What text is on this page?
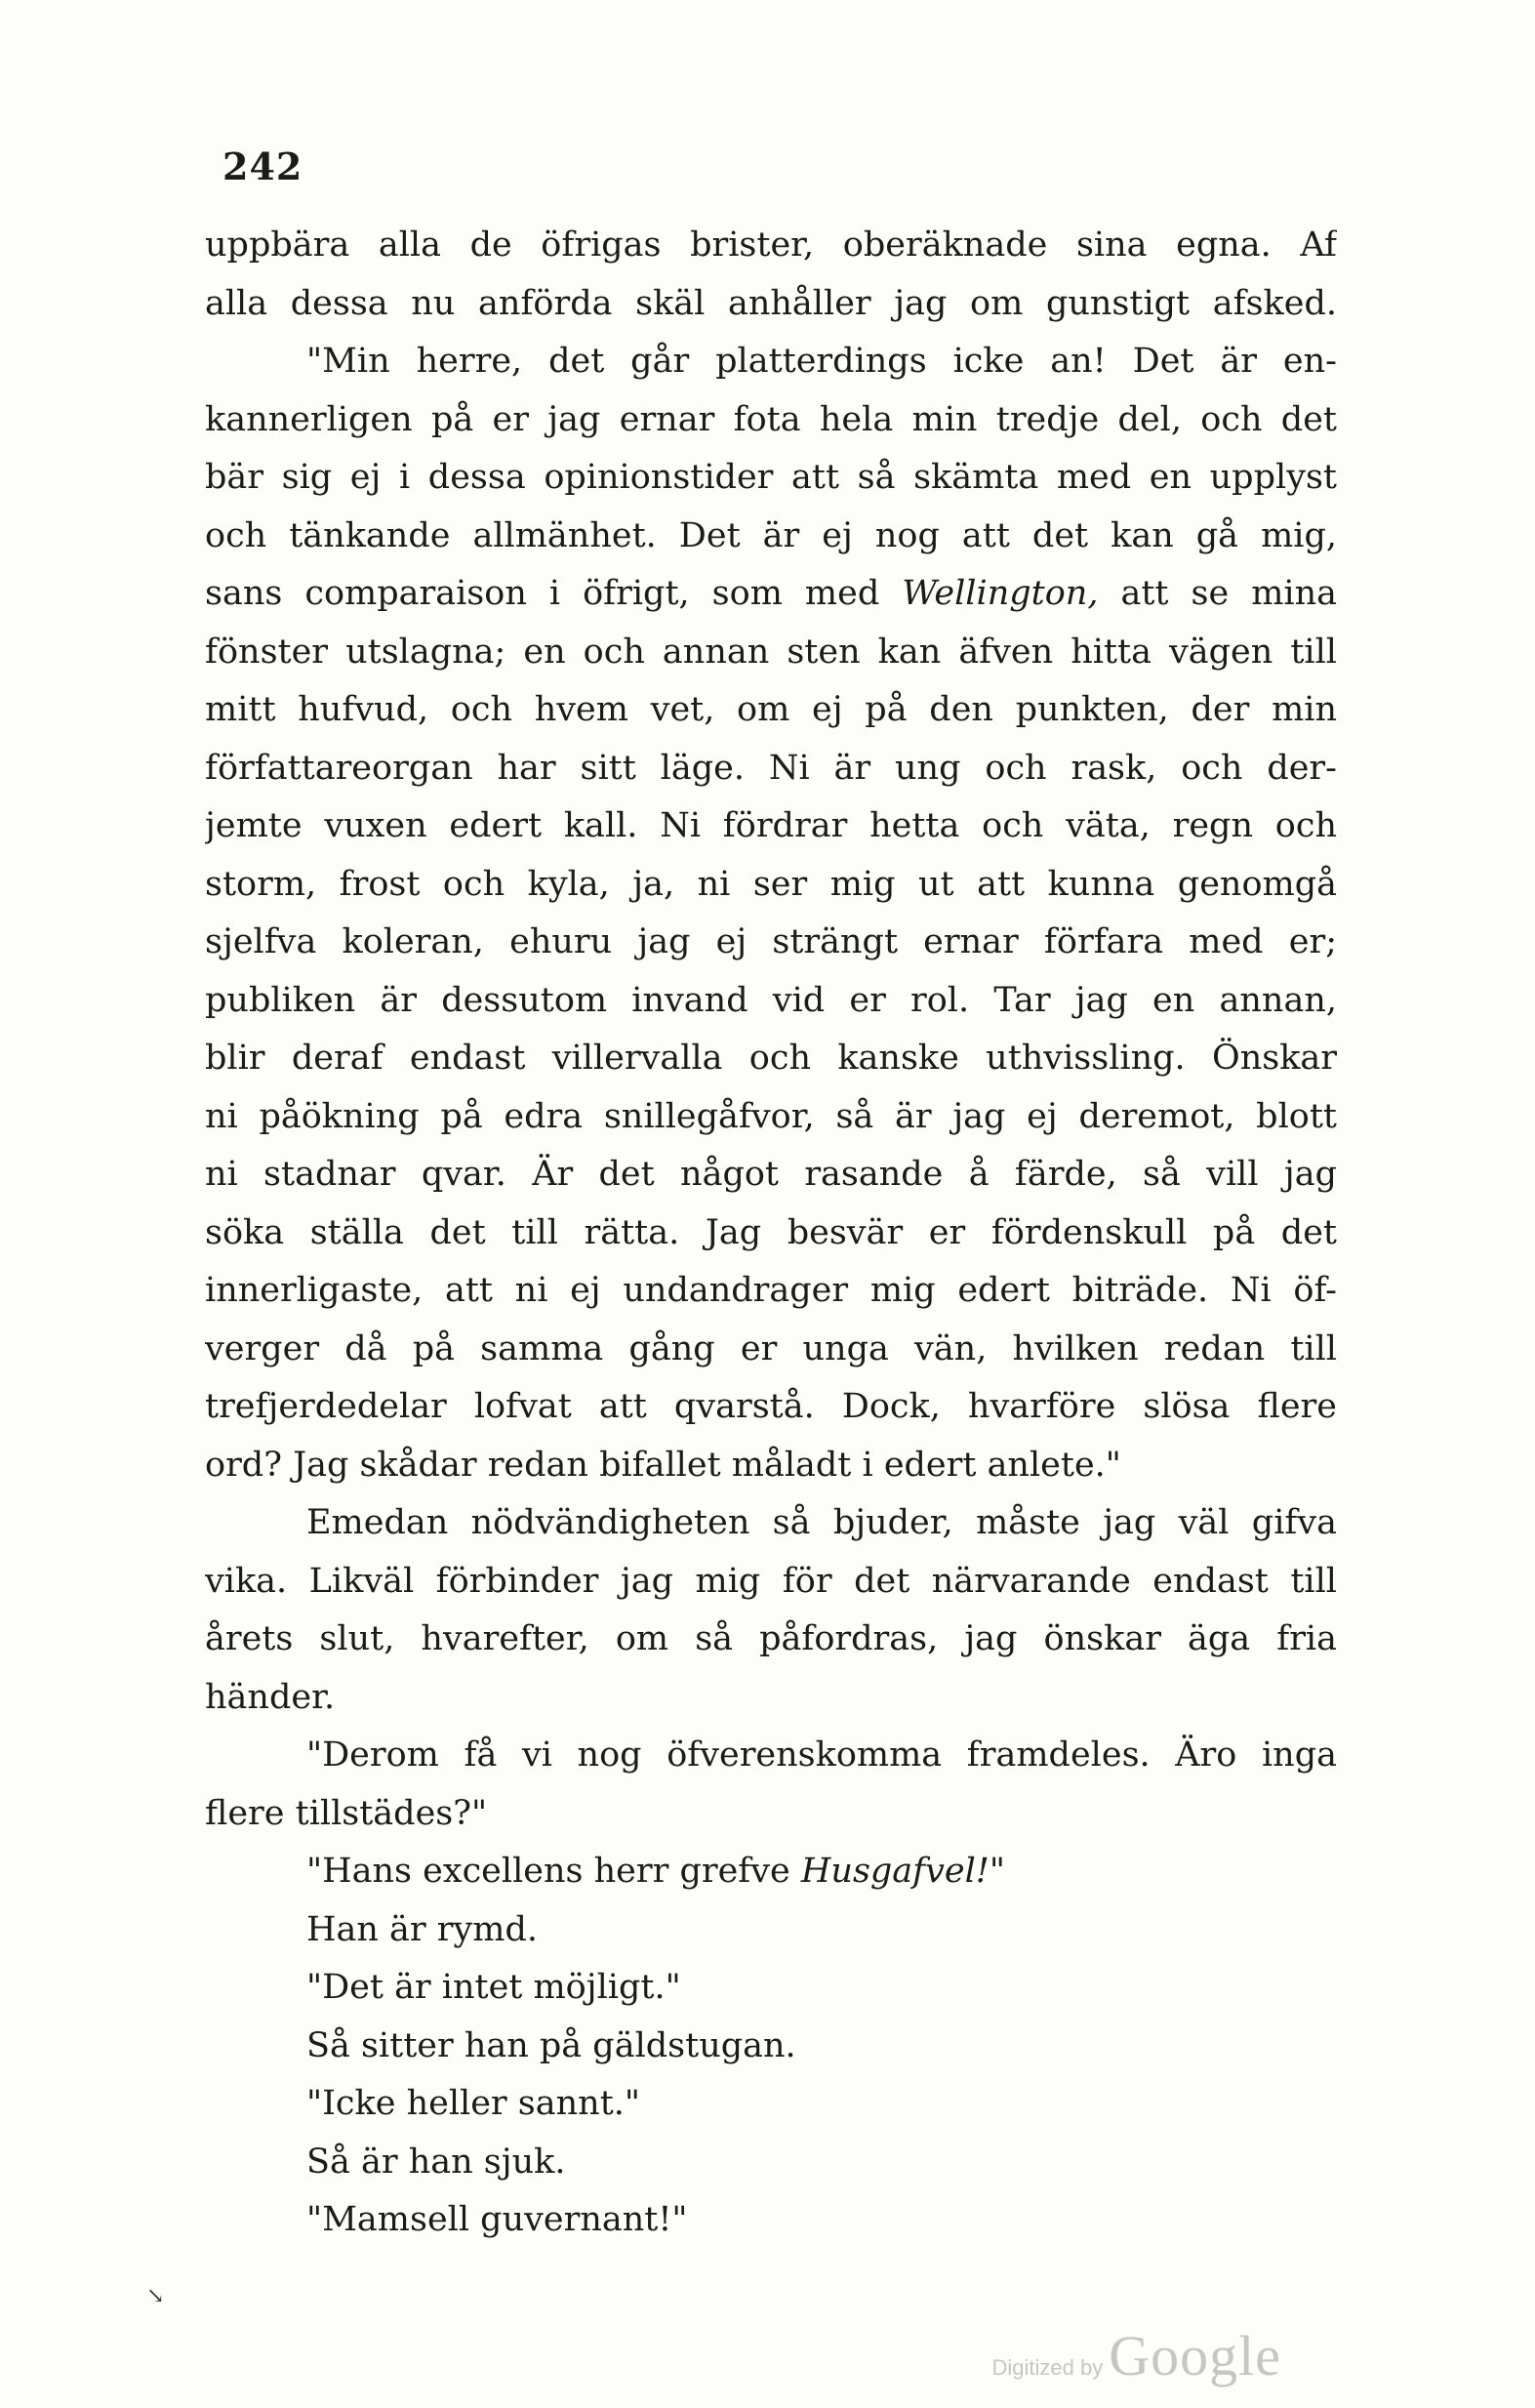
242
uppbära alla de öfrigas brister, oberäknade sina egna. Af
alla dessa nu anförda skäl anhåller jag om gunstigt afsked.
"Min herre, det går platterdings icke an! Det är en-
kannerligen på er jag ernar fota hela min tredje del, och det
bär sig ej i dessa opinionstider att så skämta med en upplyst
och tänkande allmänhet. Det är ej nog att det kan gå mig,
sans comparaison i öfrigt, som med Wellington, att se mina
fönster utslagna; en och annan sten kan äfven hitta vägen till
mitt hufvud, och hvem vet, om ej på den punkten, der min
författareorgan har sitt läge. Ni är ung och rask, och der-
jemte vuxen edert kall. Ni fördrar hetta och väta, regn och
storm, frost och kyla, ja, ni ser mig ut att kunna genomgå
sjelfva koleran, ehuru jag ej strängt ernar förfara med er;
publiken är dessutom invand vid er rol. Tar jag en annan,
blir deraf endast villervalla och kanske uthvissling. Önskar
ni påökning på edra snillegåfvor, så är jag ej deremot, blott
ni stadnar qvar. Är det något rasande å färde, så vill jag
söka ställa det till rätta. Jag besvär er fördenskull på det
innerligaste, att ni ej undandrager mig edert biträde. Ni öf-
verger då på samma gång er unga vän, hvilken redan till
trefjerdedelar lofvat att qvarstå. Dock, hvarföre slösa flere
ord? Jag skådar redan bifallet måladt i edert anlete."
Emedan nödvändigheten så bjuder, måste jag väl gifva
vika. Likväl förbinder jag mig för det närvarande endast till
årets slut, hvarefter, om så påfordras, jag önskar äga fria
händer.
"Derom få vi nog öfverenskomma framdeles. Äro inga
flere tillstädes?"
"Hans excellens herr grefve Husgafvel!"
Han är rymd.
"Det är intet möjligt."
Så sitter han på gäldstugan.
"Icke heller sannt."
Så är han sjuk.
"Mamsell guvernant!"
↘
Digitized by Google
